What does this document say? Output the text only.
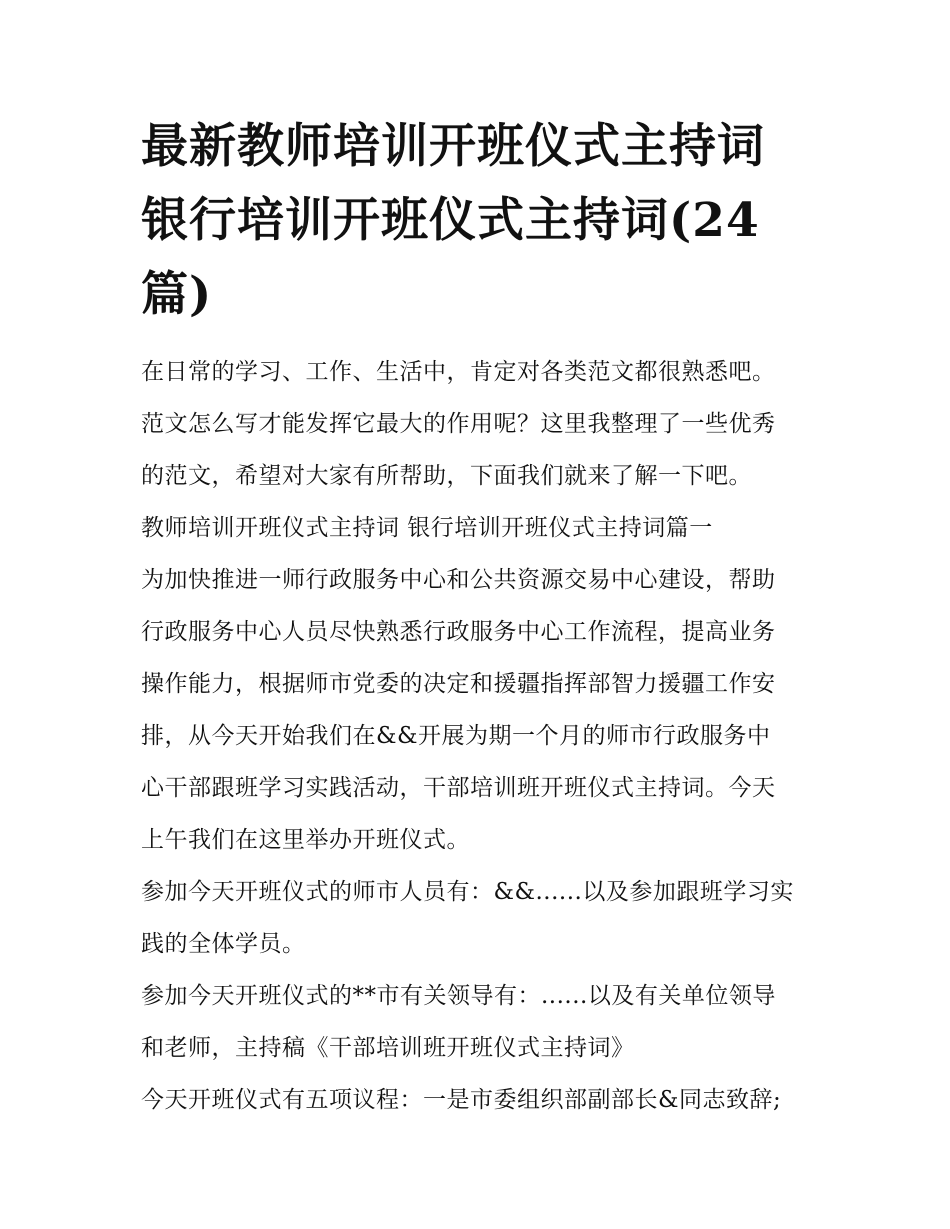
最新教师培训开班仪式主持词
银行培训开班仪式主持词(24
篇)

在日常的学习、工作、生活中，肯定对各类范文都很熟悉吧。
范文怎么写才能发挥它最大的作用呢？这里我整理了一些优秀
的范文，希望对大家有所帮助，下面我们就来了解一下吧。

教师培训开班仪式主持词 银行培训开班仪式主持词篇一

为加快推进一师行政服务中心和公共资源交易中心建设，帮助
行政服务中心人员尽快熟悉行政服务中心工作流程，提高业务
操作能力，根据师市党委的决定和援疆指挥部智力援疆工作安
排，从今天开始我们在&&开展为期一个月的师市行政服务中
心干部跟班学习实践活动，干部培训班开班仪式主持词。今天
上午我们在这里举办开班仪式。

参加今天开班仪式的师市人员有：&&......以及参加跟班学习实
践的全体学员。

参加今天开班仪式的**市有关领导有：......以及有关单位领导
和老师，主持稿《干部培训班开班仪式主持词》

今天开班仪式有五项议程：一是市委组织部副部长&同志致辞;
